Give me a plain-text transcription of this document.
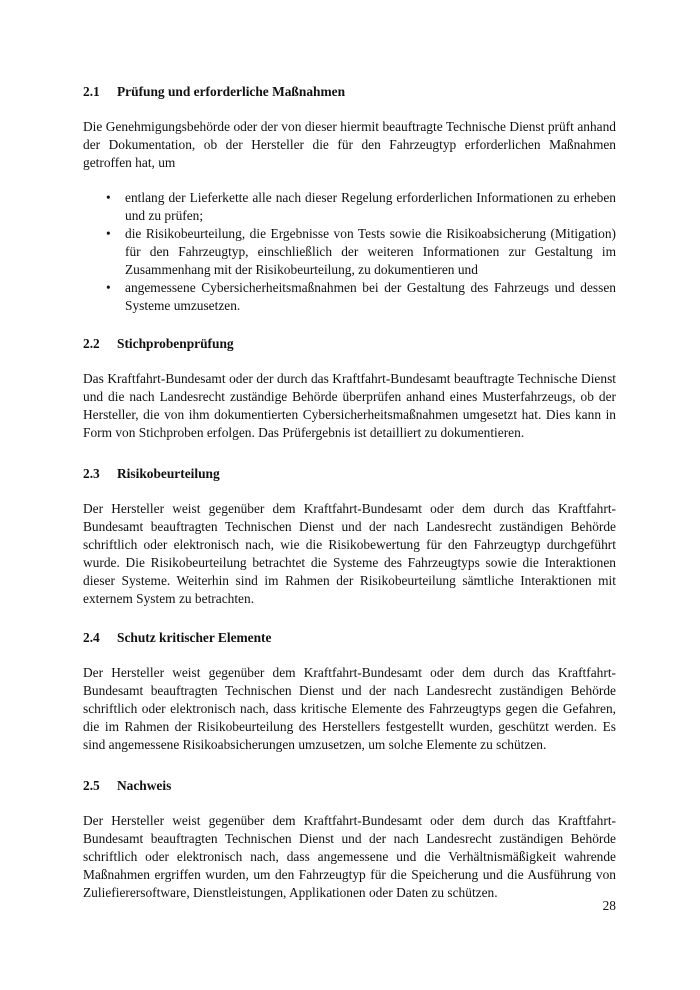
2.1 Prüfung und erforderliche Maßnahmen

Die Genehmigungsbehörde oder der von dieser hiermit beauftragte Technische Dienst prüft anhand der Dokumentation, ob der Hersteller die für den Fahrzeugtyp erforderlichen Maßnahmen getroffen hat, um

• entlang der Lieferkette alle nach dieser Regelung erforderlichen Informationen zu erheben und zu prüfen;
• die Risikobeurteilung, die Ergebnisse von Tests sowie die Risikoabsicherung (Mitigation) für den Fahrzeugtyp, einschließlich der weiteren Informationen zur Gestaltung im Zusammenhang mit der Risikobeurteilung, zu dokumentieren und
• angemessene Cybersicherheitsmaßnahmen bei der Gestaltung des Fahrzeugs und dessen Systeme umzusetzen.
2.2 Stichprobenprüfung

Das Kraftfahrt-Bundesamt oder der durch das Kraftfahrt-Bundesamt beauftragte Technische Dienst und die nach Landesrecht zuständige Behörde überprüfen anhand eines Musterfahrzeugs, ob der Hersteller, die von ihm dokumentierten Cybersicherheitsmaßnahmen umgesetzt hat. Dies kann in Form von Stichproben erfolgen. Das Prüfergebnis ist detailliert zu dokumentieren.

2.3 Risikobeurteilung

Der Hersteller weist gegenüber dem Kraftfahrt-Bundesamt oder dem durch das Kraftfahrt-Bundesamt beauftragten Technischen Dienst und der nach Landesrecht zuständigen Behörde schriftlich oder elektronisch nach, wie die Risikobewertung für den Fahrzeugtyp durchgeführt wurde. Die Risikobeurteilung betrachtet die Systeme des Fahrzeugtyps sowie die Interaktionen dieser Systeme. Weiterhin sind im Rahmen der Risikobeurteilung sämtliche Interaktionen mit externem System zu betrachten.

2.4 Schutz kritischer Elemente

Der Hersteller weist gegenüber dem Kraftfahrt-Bundesamt oder dem durch das Kraftfahrt-Bundesamt beauftragten Technischen Dienst und der nach Landesrecht zuständigen Behörde schriftlich oder elektronisch nach, dass kritische Elemente des Fahrzeugtyps gegen die Gefahren, die im Rahmen der Risikobeurteilung des Herstellers festgestellt wurden, geschützt werden. Es sind angemessene Risikoabsicherungen umzusetzen, um solche Elemente zu schützen.

2.5 Nachweis

Der Hersteller weist gegenüber dem Kraftfahrt-Bundesamt oder dem durch das Kraftfahrt-Bundesamt beauftragten Technischen Dienst und der nach Landesrecht zuständigen Behörde schriftlich oder elektronisch nach, dass angemessene und die Verhältnismäßigkeit wahrende Maßnahmen ergriffen wurden, um den Fahrzeugtyp für die Speicherung und die Ausführung von Zuliefierersoftware, Dienstleistungen, Applikationen oder Daten zu schützen.

28
